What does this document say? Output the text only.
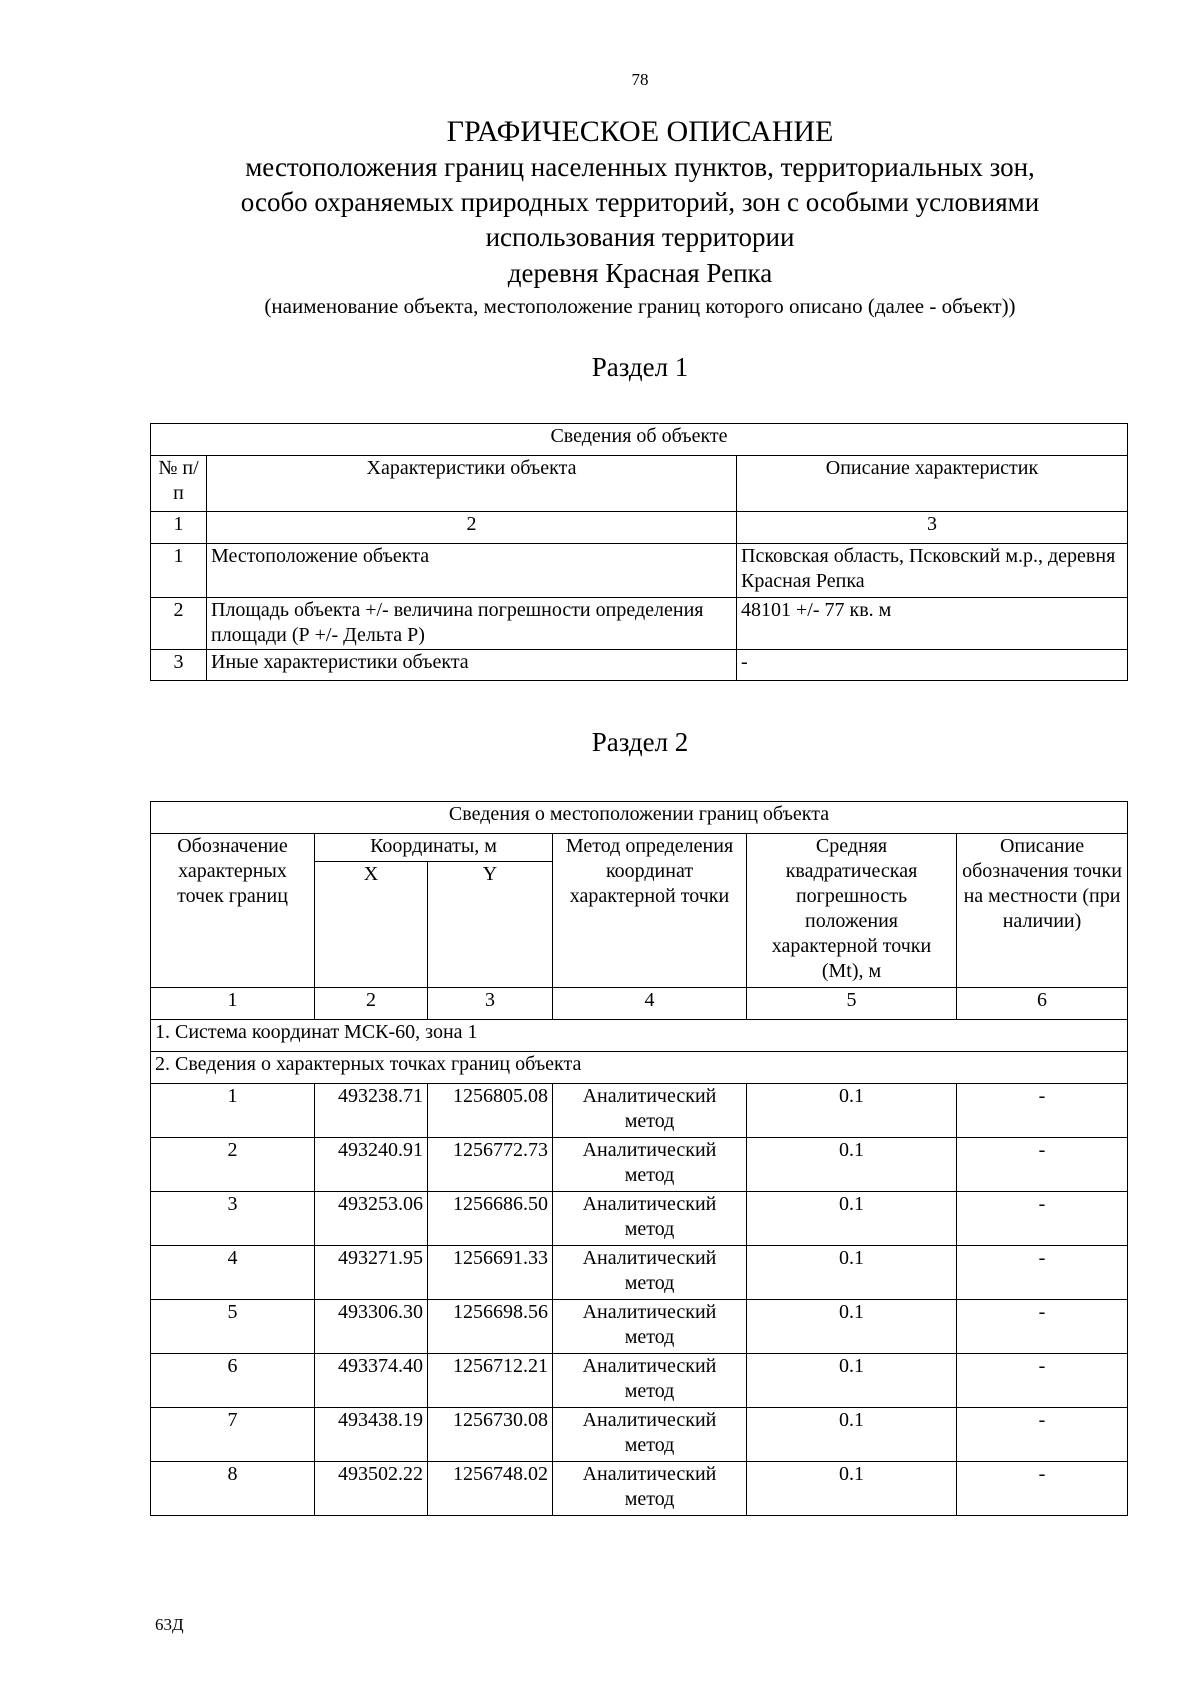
78
ГРАФИЧЕСКОЕ ОПИСАНИЕ
местоположения границ населенных пунктов, территориальных зон,
особо охраняемых природных территорий, зон с особыми условиями
использования территории
деревня Красная Репка
(наименование объекта, местоположение границ которого описано (далее - объект))
Раздел 1
Сведения об объекте		
№ п/п	Характеристики объекта	Описание характеристик
1	2	3
1	Местоположение объекта	Псковская область, Псковский м.р., деревня Красная Репка
2	Площадь объекта +/- величина погрешности определения площади (Р +/- Дельта Р)	48101 +/- 77 кв. м
3	Иные характеристики объекта	-
Раздел 2
Сведения о местоположении границ объекта					
Обозначение характерных точек границ	Координаты, м		Метод определения координат характерной точки	Средняя квадратическая погрешность положения характерной точки (Mt), м	Описание обозначения точки на местности (при наличии)
	X	Y			
1	2	3	4	5	6
1. Система координат МСК-60, зона 1					
2. Сведения о характерных точках границ объекта					
1	493238.71	1256805.08	Аналитический метод	0.1	-
2	493240.91	1256772.73	Аналитический метод	0.1	-
3	493253.06	1256686.50	Аналитический метод	0.1	-
4	493271.95	1256691.33	Аналитический метод	0.1	-
5	493306.30	1256698.56	Аналитический метод	0.1	-
6	493374.40	1256712.21	Аналитический метод	0.1	-
7	493438.19	1256730.08	Аналитический метод	0.1	-
8	493502.22	1256748.02	Аналитический метод	0.1	-
63Д
